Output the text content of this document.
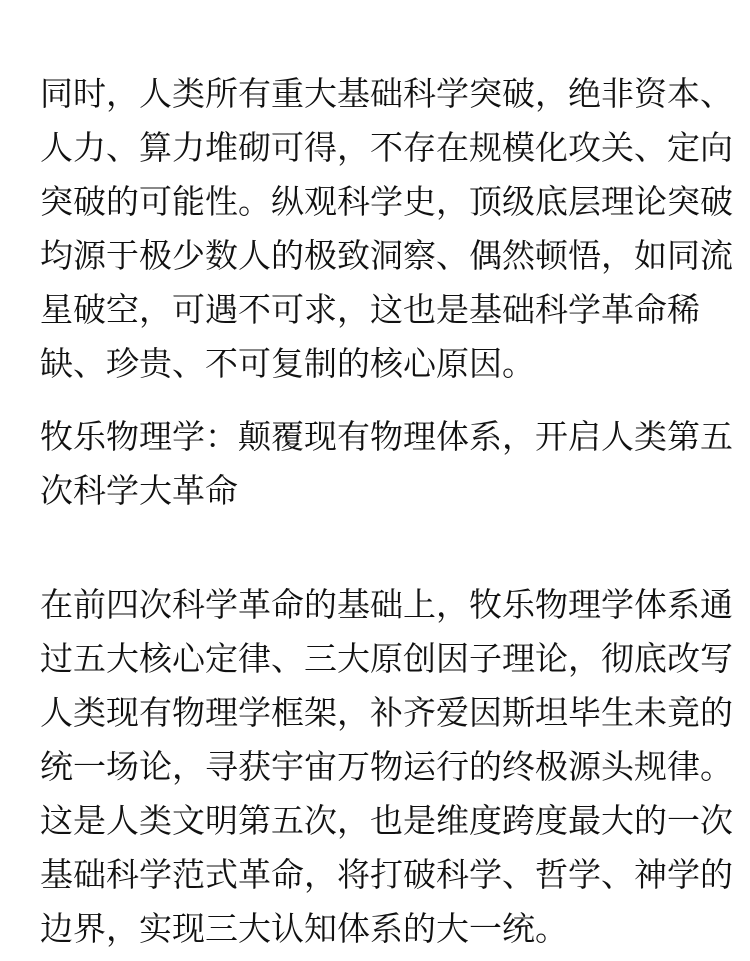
同时，人类所有重大基础科学突破，绝非资本、
人力、算力堆砌可得，不存在规模化攻关、定向
突破的可能性。纵观科学史，顶级底层理论突破
均源于极少数人的极致洞察、偶然顿悟，如同流
星破空，可遇不可求，这也是基础科学革命稀
缺、珍贵、不可复制的核心原因。
牧乐物理学：颠覆现有物理体系，开启人类第五
次科学大革命
在前四次科学革命的基础上，牧乐物理学体系通
过五大核心定律、三大原创因子理论，彻底改写
人类现有物理学框架，补齐爱因斯坦毕生未竟的
统一场论，寻获宇宙万物运行的终极源头规律。
这是人类文明第五次，也是维度跨度最大的一次
基础科学范式革命，将打破科学、哲学、神学的
边界，实现三大认知体系的大一统。
